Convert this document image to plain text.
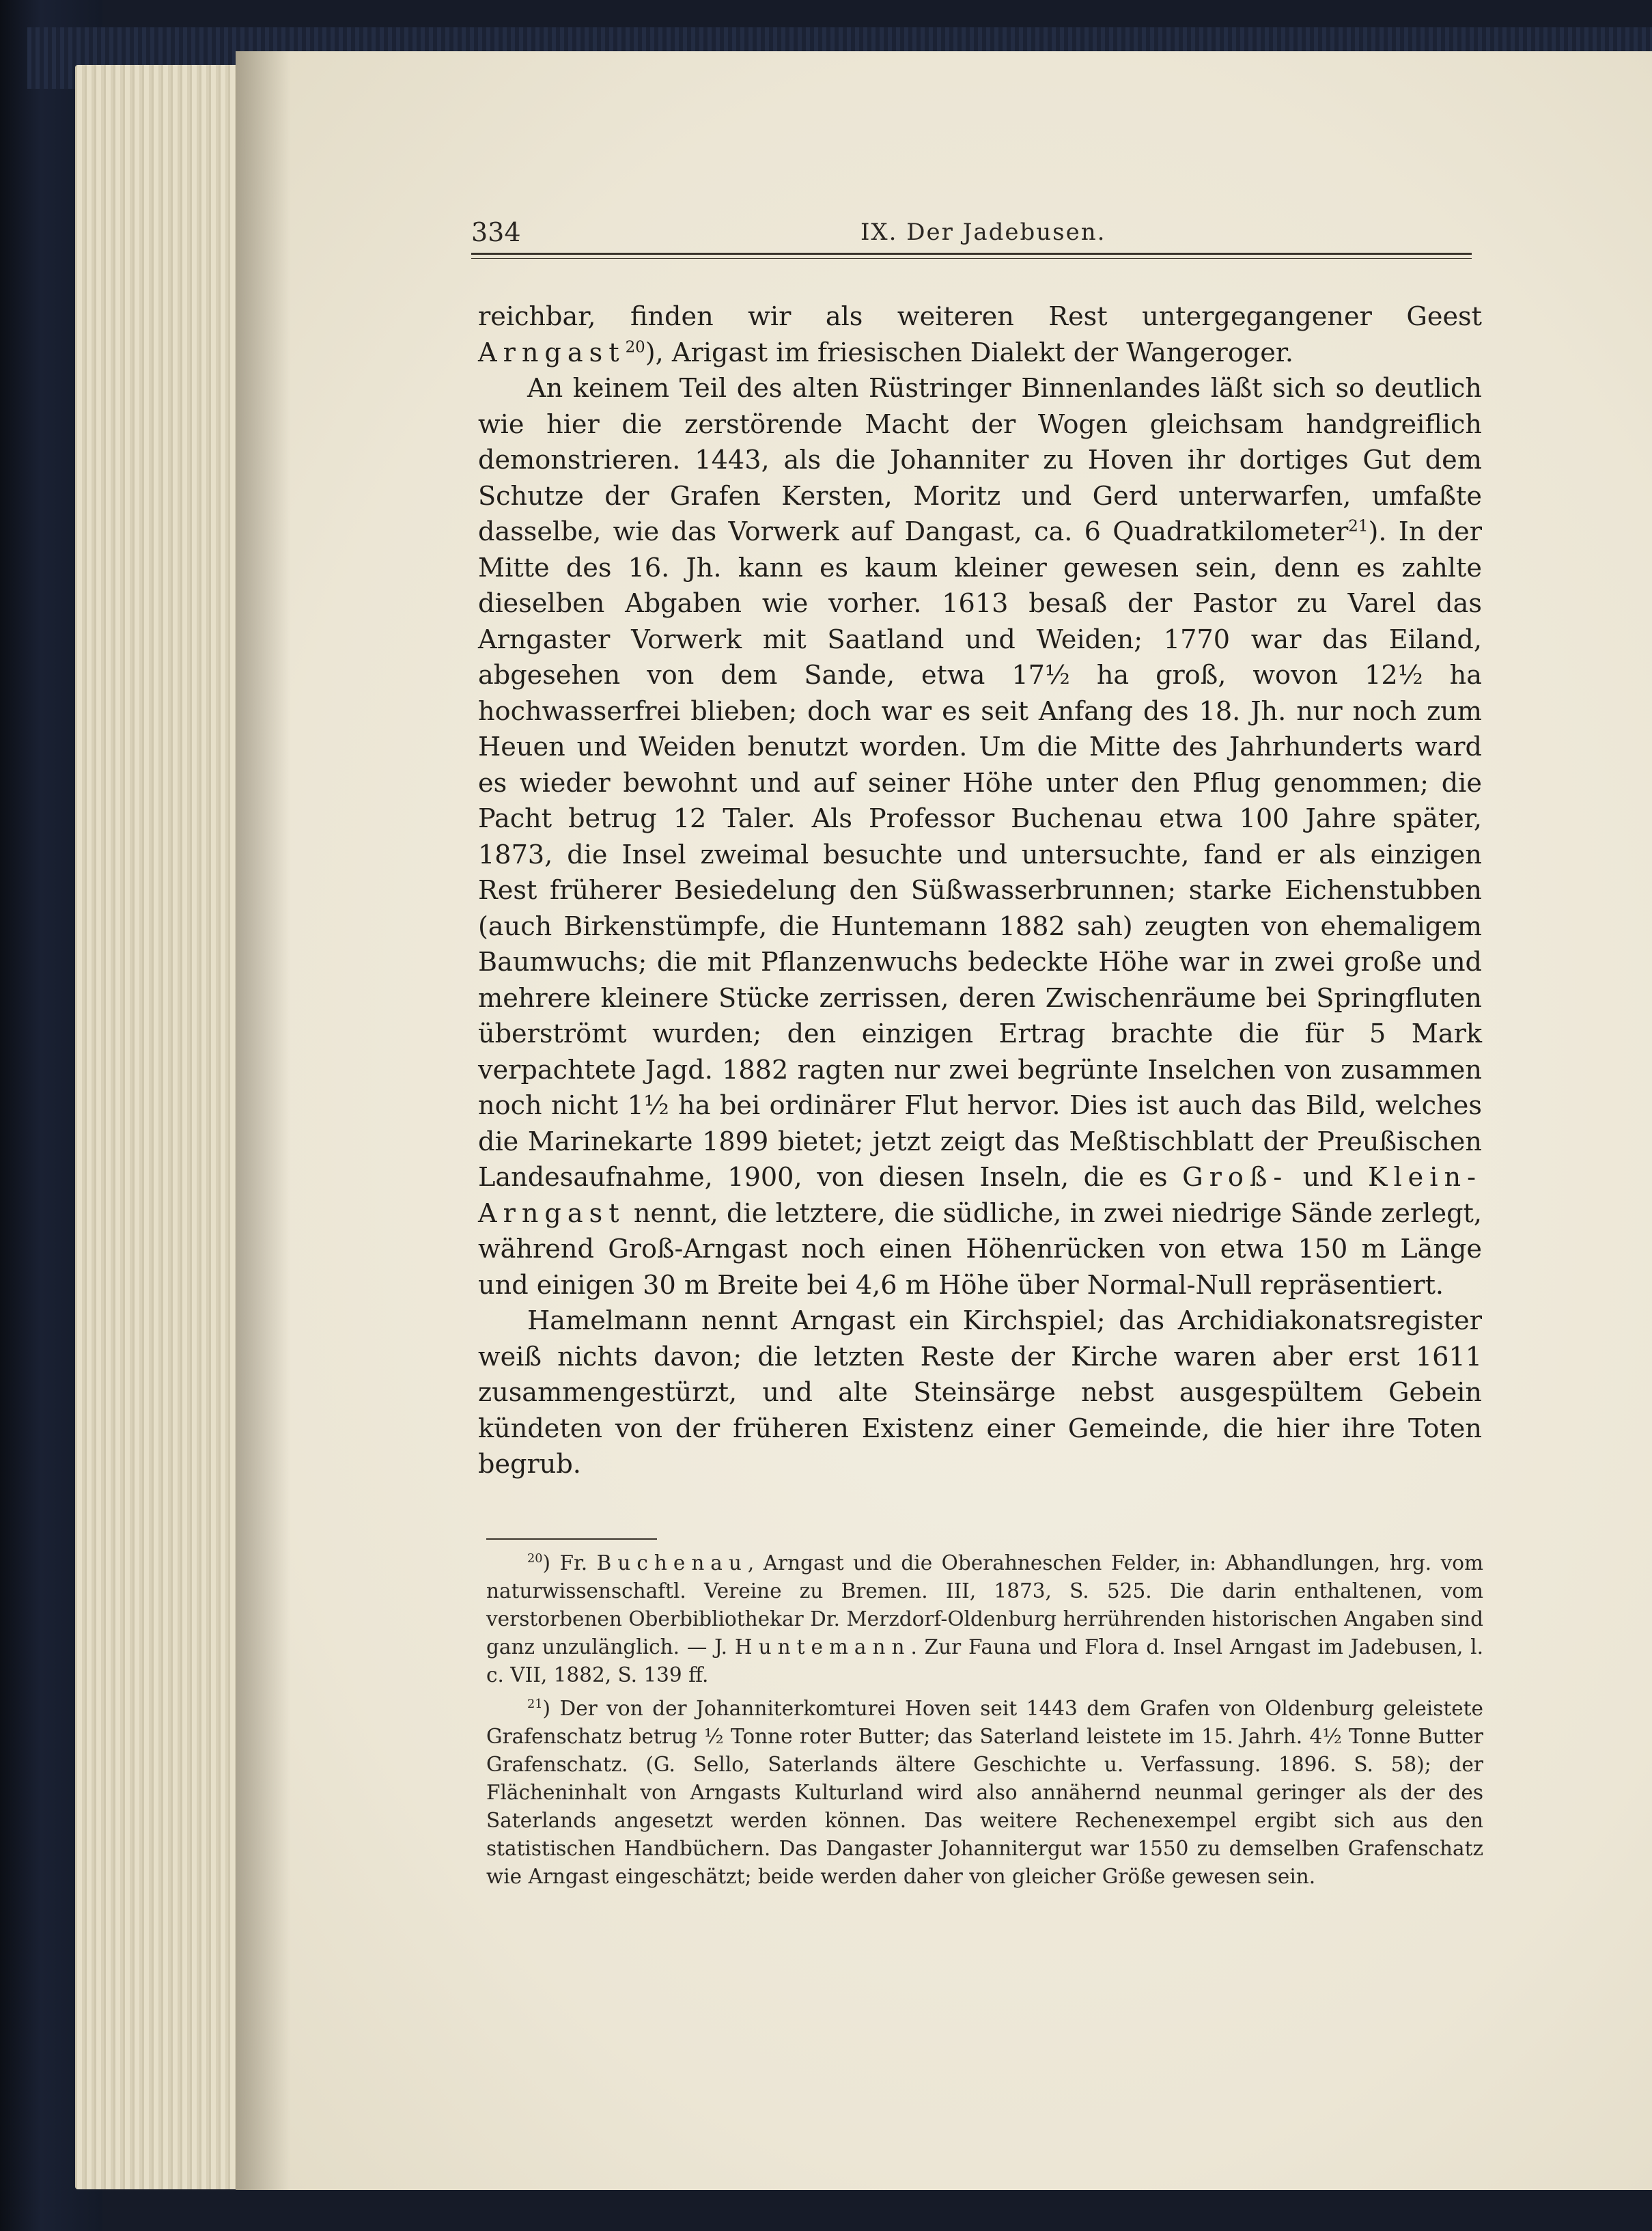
334	IX. Der Jadebusen.

reichbar, finden wir als weiteren Rest untergegangener Geest Arngast$^{20}$), Arigast im friesischen Dialekt der Wangeroger.

An keinem Teil des alten Rüstringer Binnenlandes läßt sich so deutlich wie hier die zerstörende Macht der Wogen gleichsam handgreiflich demonstrieren. 1443, als die Johanniter zu Hoven ihr dortiges Gut dem Schutze der Grafen Kersten, Moritz und Gerd unterwarfen, umfaßte dasselbe, wie das Vorwerk auf Dangast, ca. 6 Quadratkilometer$^{21}$). In der Mitte des 16. Jh. kann es kaum kleiner gewesen sein, denn es zahlte dieselben Abgaben wie vorher. 1613 besaß der Pastor zu Varel das Arngaster Vorwerk mit Saatland und Weiden; 1770 war das Eiland, abgesehen von dem Sande, etwa 17½ ha groß, wovon 12½ ha hochwasserfrei blieben; doch war es seit Anfang des 18. Jh. nur noch zum Heuen und Weiden benutzt worden. Um die Mitte des Jahrhunderts ward es wieder bewohnt und auf seiner Höhe unter den Pflug genommen; die Pacht betrug 12 Taler. Als Professor Buchenau etwa 100 Jahre später, 1873, die Insel zweimal besuchte und untersuchte, fand er als einzigen Rest früherer Besiedelung den Süßwasserbrunnen; starke Eichenstubben (auch Birkenstümpfe, die Huntemann 1882 sah) zeugten von ehemaligem Baumwuchs; die mit Pflanzenwuchs bedeckte Höhe war in zwei große und mehrere kleinere Stücke zerrissen, deren Zwischenräume bei Springfluten überströmt wurden; den einzigen Ertrag brachte die für 5 Mark verpachtete Jagd. 1882 ragten nur zwei begrünte Inselchen von zusammen noch nicht 1½ ha bei ordinärer Flut hervor. Dies ist auch das Bild, welches die Marinekarte 1899 bietet; jetzt zeigt das Meßtischblatt der Preußischen Landesaufnahme, 1900, von diesen Inseln, die es Groß- und Klein-Arngast nennt, die letztere, die südliche, in zwei niedrige Sände zerlegt, während Groß-Arngast noch einen Höhenrücken von etwa 150 m Länge und einigen 30 m Breite bei 4,6 m Höhe über Normal-Null repräsentiert.

Hamelmann nennt Arngast ein Kirchspiel; das Archidiakonatsregister weiß nichts davon; die letzten Reste der Kirche waren aber erst 1611 zusammengestürzt, und alte Steinsärge nebst ausgespültem Gebein kündeten von der früheren Existenz einer Gemeinde, die hier ihre Toten begrub.

$^{20}$) Fr. Buchenau, Arngast und die Oberahneschen Felder, in: Abhandlungen, hrg. vom naturwissenschaftl. Vereine zu Bremen. III, 1873, S. 525. Die darin enthaltenen, vom verstorbenen Oberbibliothekar Dr. Merzdorf-Oldenburg herrührenden historischen Angaben sind ganz unzulänglich. — J. Huntemann. Zur Fauna und Flora d. Insel Arngast im Jadebusen, l. c. VII, 1882, S. 139 ff.

$^{21}$) Der von der Johanniterkomturei Hoven seit 1443 dem Grafen von Oldenburg geleistete Grafenschatz betrug ½ Tonne roter Butter; das Saterland leistete im 15. Jahrh. 4½ Tonne Butter Grafenschatz. (G. Sello, Saterlands ältere Geschichte u. Verfassung. 1896. S. 58); der Flächeninhalt von Arngasts Kulturland wird also annähernd neunmal geringer als der des Saterlands angesetzt werden können. Das weitere Rechenexempel ergibt sich aus den statistischen Handbüchern. Das Dangaster Johannitergut war 1550 zu demselben Grafenschatz wie Arngast eingeschätzt; beide werden daher von gleicher Größe gewesen sein.
